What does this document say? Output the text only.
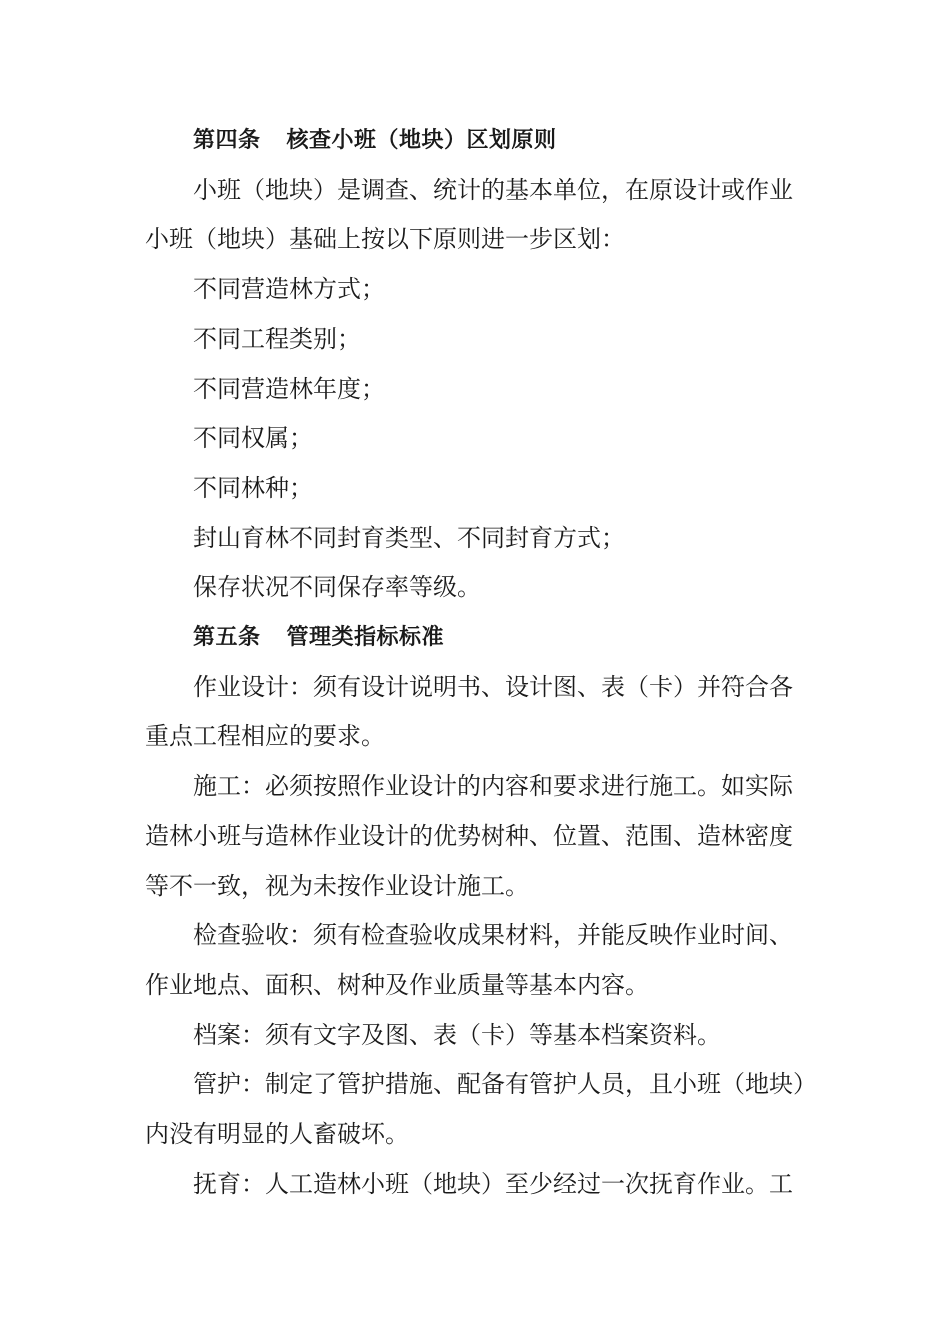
第四条 核查小班（地块）区划原则

小班（地块）是调查、统计的基本单位，在原设计或作业

小班（地块）基础上按以下原则进一步区划：

不同营造林方式；

不同工程类别；

不同营造林年度；

不同权属；

不同林种；

封山育林不同封育类型、不同封育方式；

保存状况不同保存率等级。

第五条 管理类指标标准

作业设计：须有设计说明书、设计图、表（卡）并符合各

重点工程相应的要求。

施工：必须按照作业设计的内容和要求进行施工。如实际

造林小班与造林作业设计的优势树种、位置、范围、造林密度

等不一致，视为未按作业设计施工。

检查验收：须有检查验收成果材料，并能反映作业时间、

作业地点、面积、树种及作业质量等基本内容。

档案：须有文字及图、表（卡）等基本档案资料。

管护：制定了管护措施、配备有管护人员，且小班（地块）

内没有明显的人畜破坏。

抚育：人工造林小班（地块）至少经过一次抚育作业。工
